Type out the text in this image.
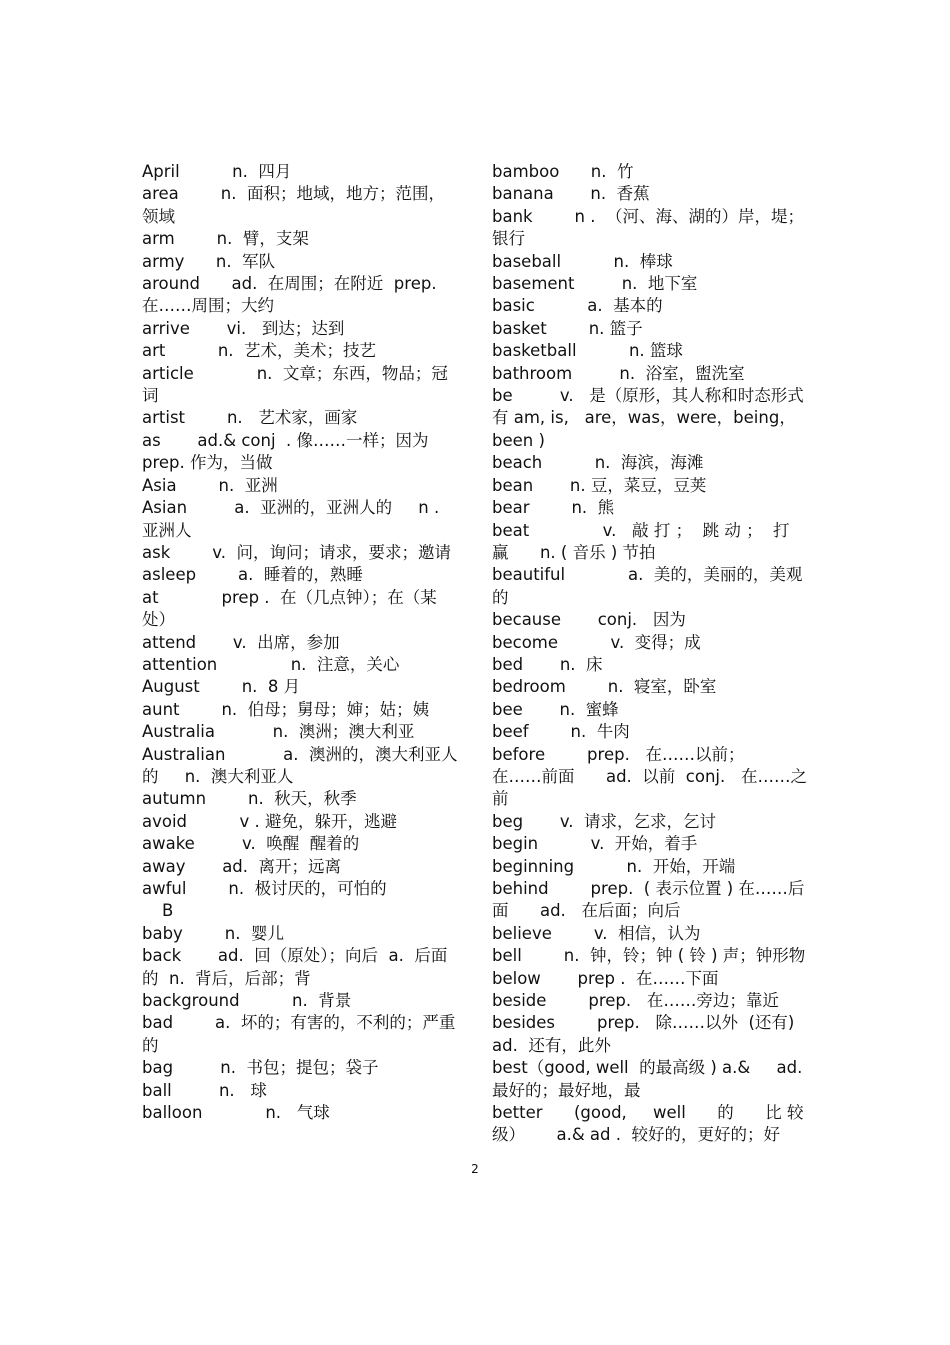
April          n.  四月
area        n.  面积；地域，地方；范围，领域
arm        n.  臂，支架
army      n.  军队
around      ad.  在周围；在附近  prep. 在……周围；大约
arrive       vi.   到达；达到
art          n.  艺术，美术；技艺
article            n.  文章；东西，物品；冠词
artist        n.   艺术家，画家
as       ad.& conj  . 像……一样；因为 prep. 作为，当做
Asia        n.  亚洲
Asian         a.  亚洲的，亚洲人的     n . 亚洲人
ask        v.  问，询问；请求，要求；邀请
asleep        a.  睡着的，熟睡
at            prep .  在（几点钟）；在（某处）
attend       v.  出席，参加
attention              n.  注意，关心
August        n.  8 月
aunt        n.  伯母；舅母；婶；姑；姨
Australia           n.  澳洲；澳大利亚
Australian           a.  澳洲的，澳大利亚人的     n.  澳大利亚人
autumn        n.  秋天，秋季
avoid          v . 避免，躲开，逃避
awake         v.  唤醒  醒着的
away       ad.  离开；远离
awful        n.  极讨厌的，可怕的
B
baby        n.  婴儿
back       ad.  回（原处）；向后  a.  后面的  n.  背后，后部；背
background          n.  背景
bad        a.  坏的；有害的，不利的；严重的
bag         n.  书包；提包；袋子
ball         n.   球
balloon            n.   气球
bamboo      n.  竹
banana       n.  香蕉
bank        n .  （河、海、湖的）岸，堤；银行
baseball          n.  棒球
basement         n.  地下室
basic          a.  基本的
basket        n. 篮子
basketball          n. 篮球
bathroom         n.  浴室，盥洗室
be         v.   是（原形，其人称和时态形式有 am, is,   are，was，were，being，been )
beach          n.  海滨，海滩
bean       n. 豆，菜豆，豆荚
bear        n.  熊
beat              v.   敲 打 ；  跳 动 ；  打 赢      n. ( 音乐 ) 节拍
beautiful            a.  美的，美丽的，美观的
because       conj.   因为
become          v.  变得；成
bed       n.  床
bedroom        n.  寝室，卧室
bee       n.  蜜蜂
beef        n.  牛肉
before        prep.   在……以前；   在……前面      ad.  以前  conj.   在……之前
beg       v.  请求，乞求，乞讨
begin          v.  开始，着手
beginning          n.  开始，开端
behind        prep.  ( 表示位置 ) 在……后面      ad.   在后面；向后
believe        v.  相信，认为
bell        n.  钟，铃；钟 ( 铃 ) 声；钟形物
below       prep .  在……下面
beside        prep.   在……旁边；靠近
besides        prep.   除……以外  (还有)  ad.  还有，此外
best（good, well  的最高级 ) a.&     ad.  最好的；最好地，最
better      (good,     well      的      比 较 级）      a.& ad .  较好的，更好的；好
2
